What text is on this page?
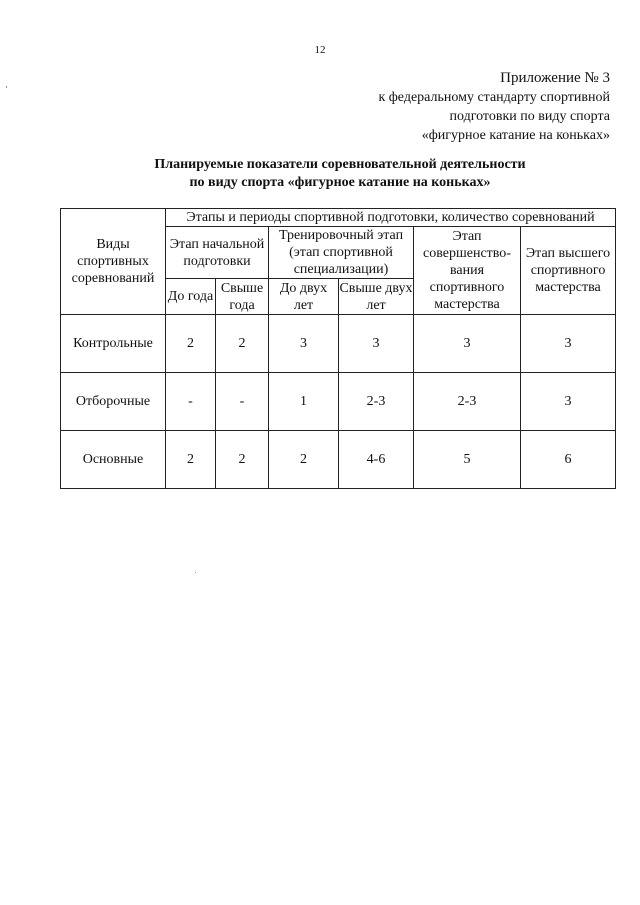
12
Приложение № 3
к федеральному стандарту спортивной
подготовки по виду спорта
«фигурное катание на коньках»
Планируемые показатели соревновательной деятельности
по виду спорта «фигурное катание на коньках»
Виды спортивных соревнований	Этапы и периоды спортивной подготовки, количество соревнований					
	Этап начальной подготовки		Тренировочный этап (этап спортивной специализации)		Этап совершенство-вания спортивного мастерства	Этап высшего спортивного мастерства
	До года	Свыше года	До двух лет	Свыше двух лет		
Контрольные	2	2	3	3	3	3
Отборочные	-	-	1	2-3	2-3	3
Основные	2	2	2	4-6	5	6
